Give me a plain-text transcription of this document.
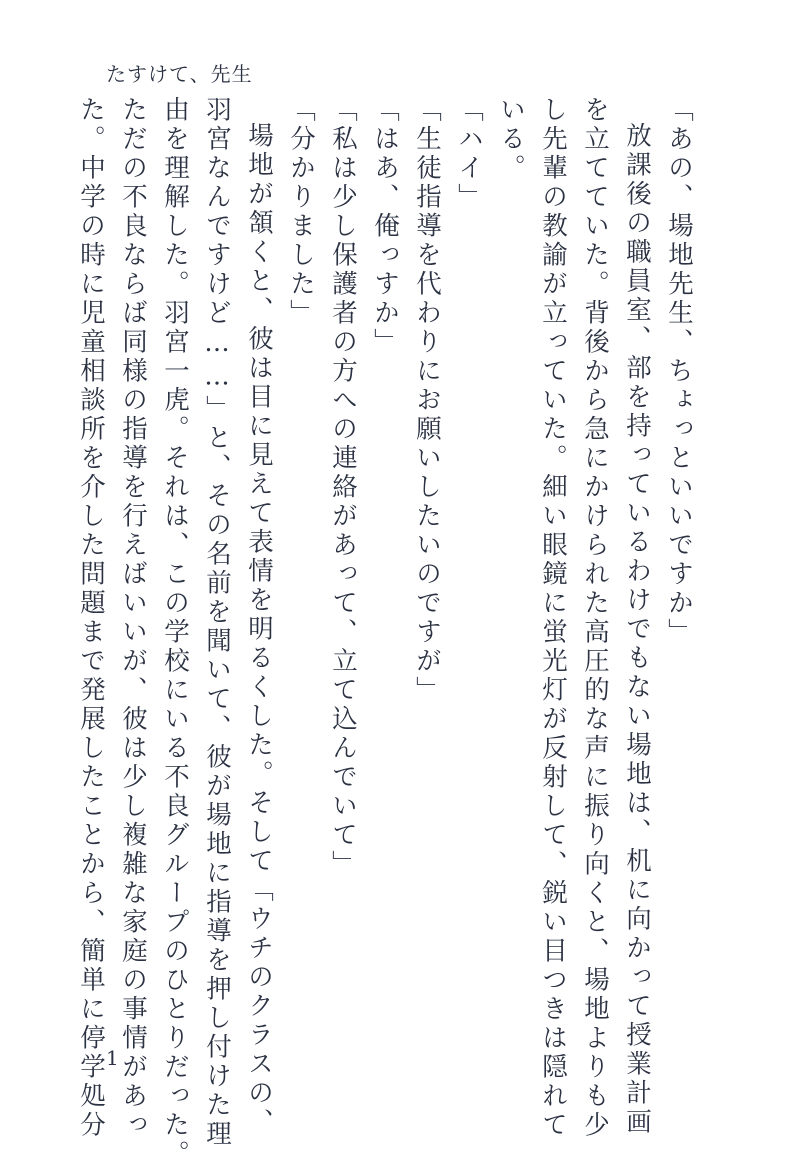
たすけて、先生

「あの、場地先生、ちょっといいですか」

放課後の職員室、部を持っているわけでもない場地は、机に向かって授業計画

を立てていた。背後から急にかけられた高圧的な声に振り向くと、場地よりも少

し先輩の教諭が立っていた。細い眼鏡に蛍光灯が反射して、鋭い目つきは隠れて

いる。

「ハイ」

「生徒指導を代わりにお願いしたいのですが」

「はあ、俺っすか」

「私は少し保護者の方への連絡があって、立て込んでいて」

「分かりました」

場地が頷くと、彼は目に見えて表情を明るくした。そして「ウチのクラスの、

羽宮なんですけど……」と、その名前を聞いて、彼が場地に指導を押し付けた理

由を理解した。羽宮一虎。それは、この学校にいる不良グループのひとりだった。

ただの不良ならば同様の指導を行えばいいが、彼は少し複雑な家庭の事情があっ

た。中学の時に児童相談所を介した問題まで発展したことから、簡単に停学処分 1
